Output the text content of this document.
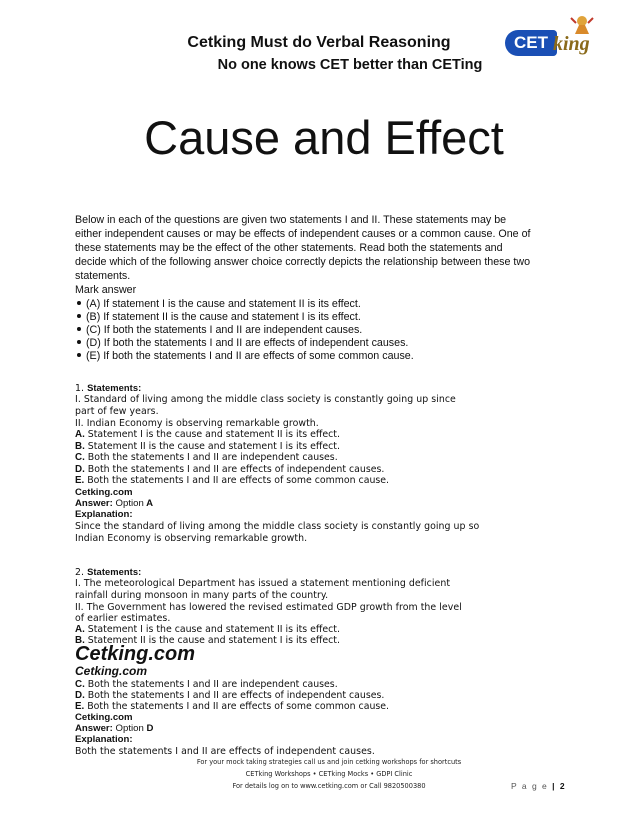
Cetking Must do Verbal Reasoning
No one knows CET better than CETing
CET king
Cause and Effect
Below in each of the questions are given two statements I and II. These statements may be
either independent causes or may be effects of independent causes or a common cause. One of
these statements may be the effect of the other statements. Read both the statements and
decide which of the following answer choice correctly depicts the relationship between these two
statements.
Mark answer
(A) If statement I is the cause and statement II is its effect.
(B) If statement II is the cause and statement I is its effect.
(C) If both the statements I and II are independent causes.
(D) If both the statements I and II are effects of independent causes.
(E) If both the statements I and II are effects of some common cause.
1. Statements:
I. Standard of living among the middle class society is constantly going up since
part of few years.
II. Indian Economy is observing remarkable growth.
A. Statement I is the cause and statement II is its effect.
B. Statement II is the cause and statement I is its effect.
C. Both the statements I and II are independent causes.
D. Both the statements I and II are effects of independent causes.
E. Both the statements I and II are effects of some common cause.
Cetking.com
Answer: Option A
Explanation:
Since the standard of living among the middle class society is constantly going up so
Indian Economy is observing remarkable growth.
2. Statements:
I. The meteorological Department has issued a statement mentioning deficient
rainfall during monsoon in many parts of the country.
II. The Government has lowered the revised estimated GDP growth from the level
of earlier estimates.
A. Statement I is the cause and statement II is its effect.
B. Statement II is the cause and statement I is its effect.
Cetking.com
Cetking.com
C. Both the statements I and II are independent causes.
D. Both the statements I and II are effects of independent causes.
E. Both the statements I and II are effects of some common cause.
Cetking.com
Answer: Option D
Explanation:
Both the statements I and II are effects of independent causes.
For your mock taking strategies call us and join cetking workshops for shortcuts
CETking Workshops • CETking Mocks • GDPI Clinic
For details log on to www.cetking.com or Call 9820500380	P a g e | 2
